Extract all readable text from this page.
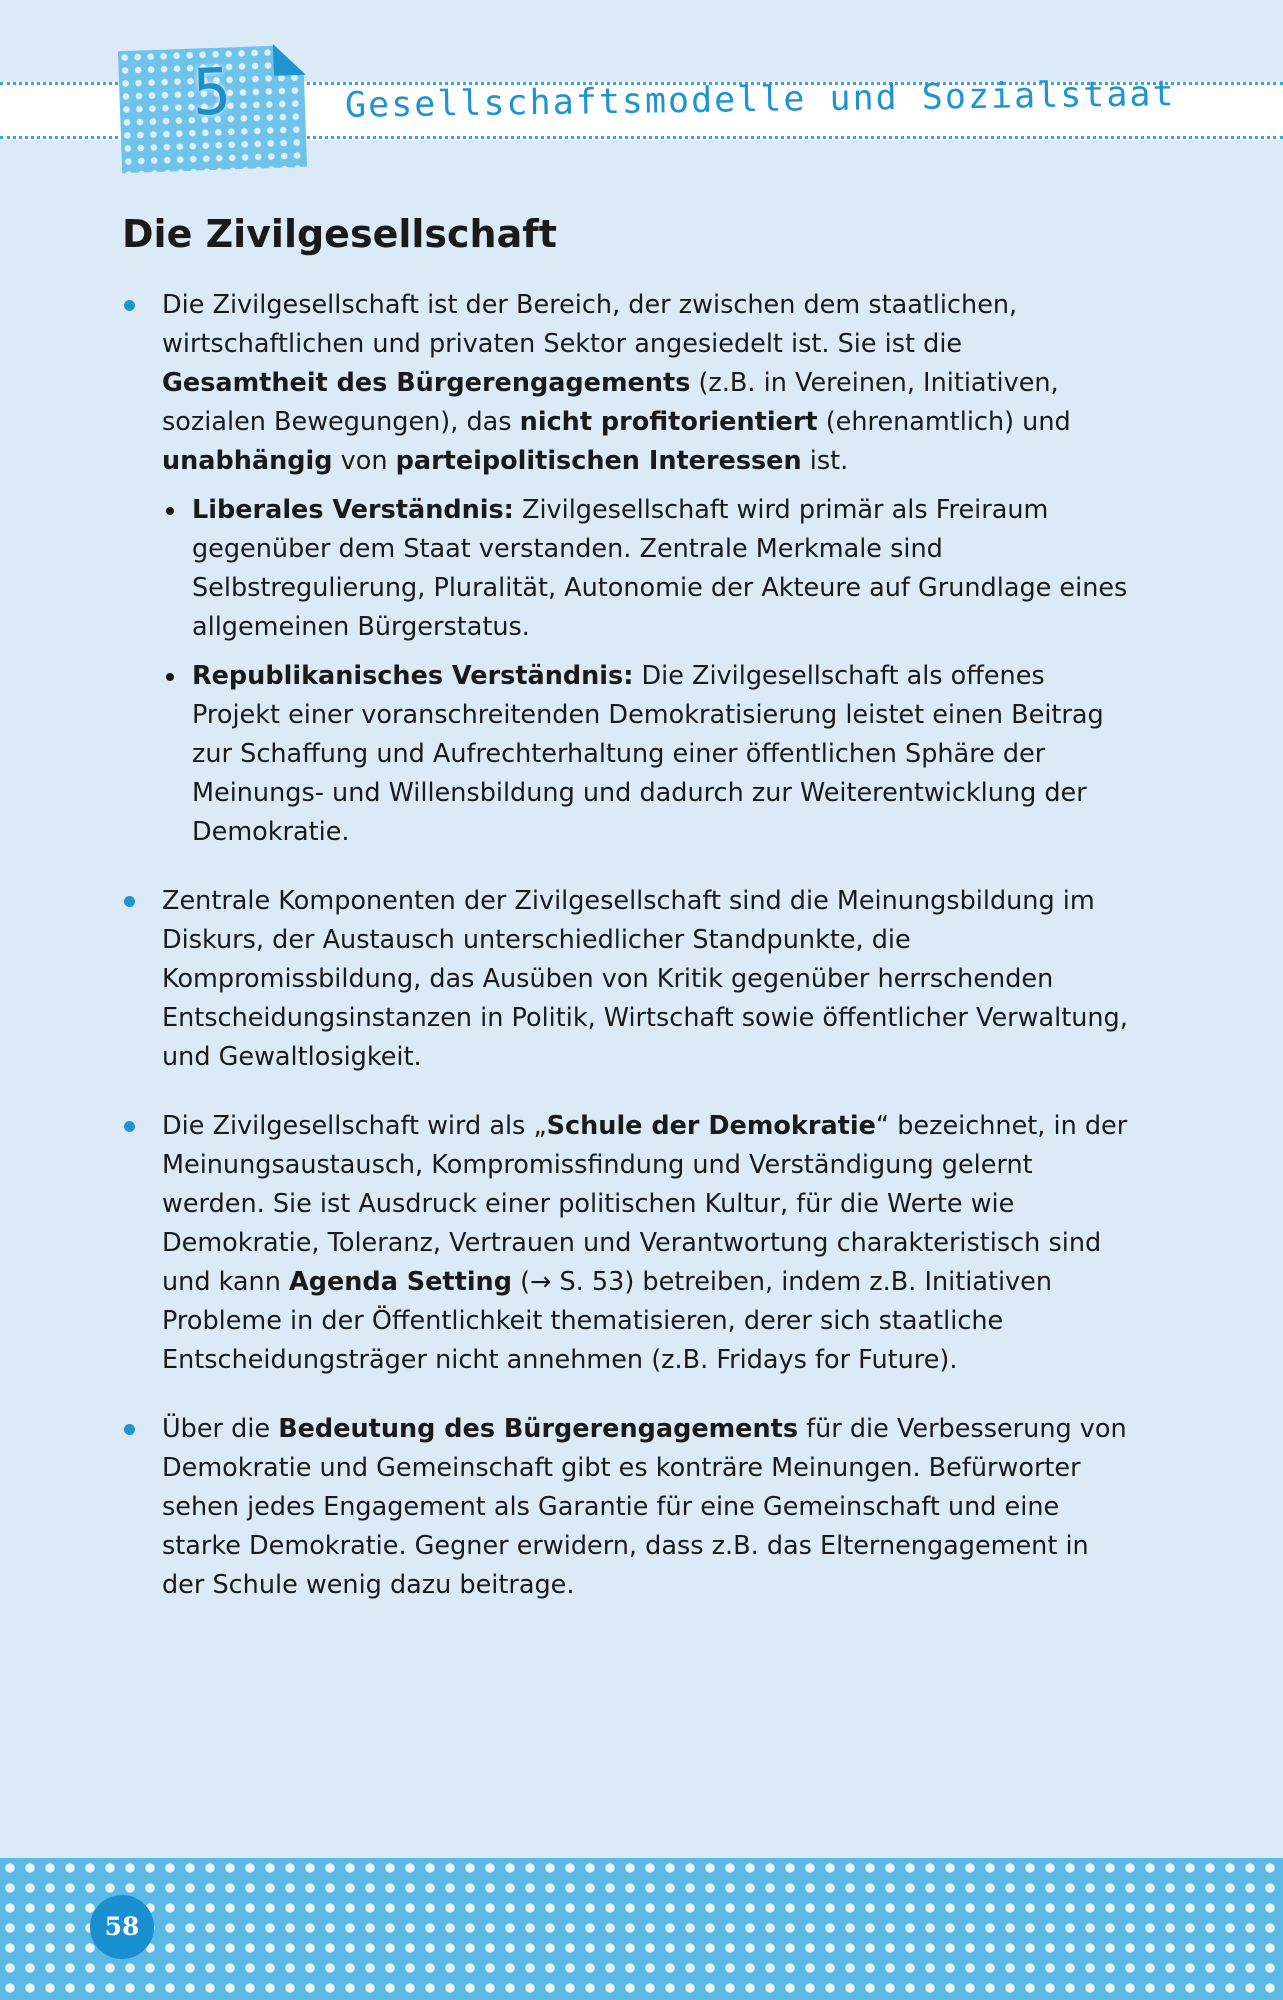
5	Gesellschaftsmodelle und Sozialstaat
Die Zivilgesellschaft
Die Zivilgesellschaft ist der Bereich, der zwischen dem staatlichen, wirtschaftlichen und privaten Sektor angesiedelt ist. Sie ist die Gesamtheit des Bürgerengagements (z.B. in Vereinen, Initiativen, sozialen Bewegungen), das nicht profitorientiert (ehrenamtlich) und unabhängig von parteipolitischen Interessen ist.
Liberales Verständnis: Zivilgesellschaft wird primär als Freiraum gegenüber dem Staat verstanden. Zentrale Merkmale sind Selbstregulierung, Pluralität, Autonomie der Akteure auf Grundlage eines allgemeinen Bürgerstatus.
Republikanisches Verständnis: Die Zivilgesellschaft als offenes Projekt einer voranschreitenden Demokratisierung leistet einen Beitrag zur Schaffung und Aufrechterhaltung einer öffentlichen Sphäre der Meinungs- und Willensbildung und dadurch zur Weiterentwicklung der Demokratie.
Zentrale Komponenten der Zivilgesellschaft sind die Meinungsbildung im Diskurs, der Austausch unterschiedlicher Standpunkte, die Kompromissbildung, das Ausüben von Kritik gegenüber herrschenden Entscheidungsinstanzen in Politik, Wirtschaft sowie öffentlicher Verwaltung, und Gewaltlosigkeit.
Die Zivilgesellschaft wird als „Schule der Demokratie“ bezeichnet, in der Meinungsaustausch, Kompromissfindung und Verständigung gelernt werden. Sie ist Ausdruck einer politischen Kultur, für die Werte wie Demokratie, Toleranz, Vertrauen und Verantwortung charakteristisch sind und kann Agenda Setting (→ S. 53) betreiben, indem z.B. Initiativen Probleme in der Öffentlichkeit thematisieren, derer sich staatliche Entscheidungsträger nicht annehmen (z.B. Fridays for Future).
Über die Bedeutung des Bürgerengagements für die Verbesserung von Demokratie und Gemeinschaft gibt es konträre Meinungen. Befürworter sehen jedes Engagement als Garantie für eine Gemeinschaft und eine starke Demokratie. Gegner erwidern, dass z.B. das Elternengagement in der Schule wenig dazu beitrage.
58
